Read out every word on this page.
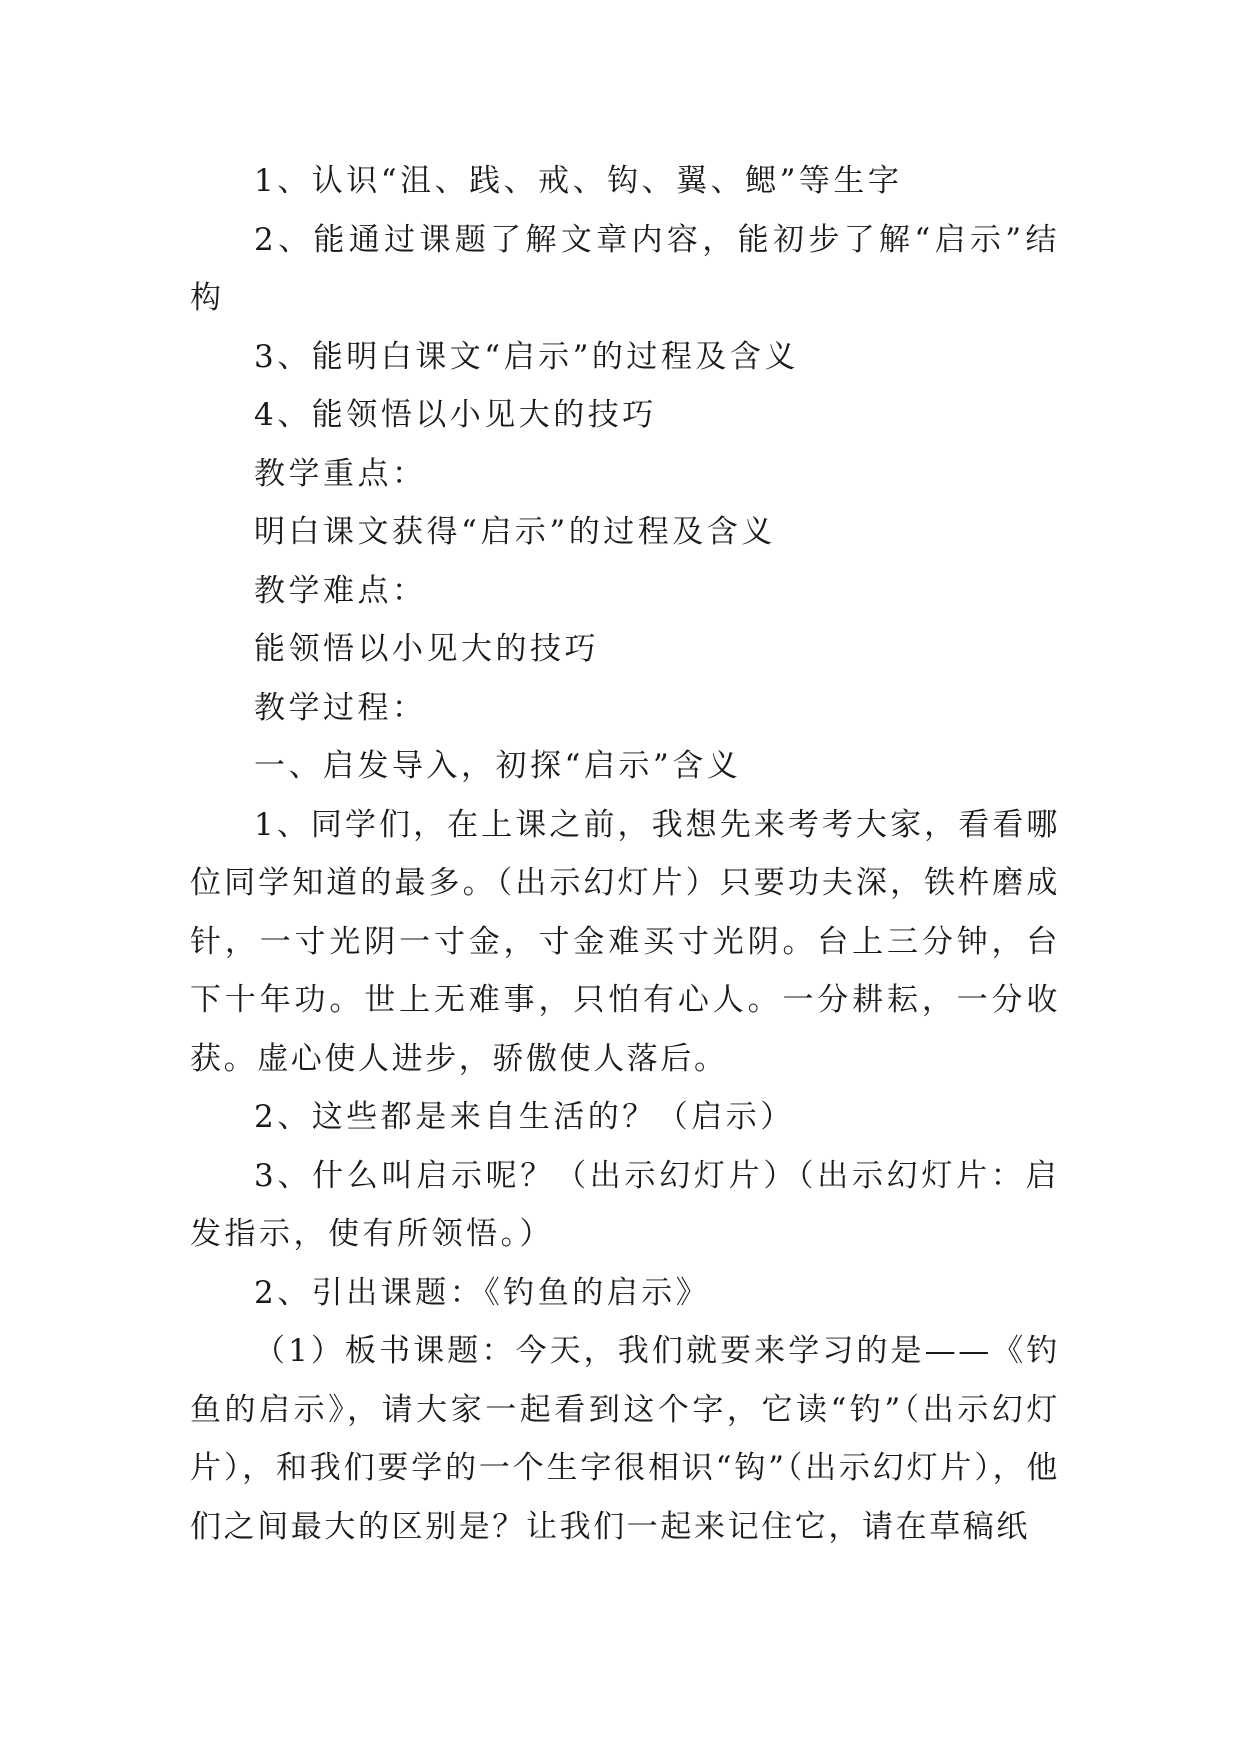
1、认识“沮、践、戒、钩、翼、鳃”等生字

2、能通过课题了解文章内容，能初步了解“启示”结构

3、能明白课文“启示”的过程及含义

4、能领悟以小见大的技巧

教学重点：

明白课文获得“启示”的过程及含义

教学难点：

能领悟以小见大的技巧

教学过程：

一、启发导入，初探“启示”含义

1、同学们，在上课之前，我想先来考考大家，看看哪位同学知道的最多。（出示幻灯片）只要功夫深，铁杵磨成针，一寸光阴一寸金，寸金难买寸光阴。台上三分钟，台下十年功。世上无难事，只怕有心人。一分耕耘，一分收获。虚心使人进步，骄傲使人落后。

2、这些都是来自生活的？（启示）

3、什么叫启示呢？（出示幻灯片）（出示幻灯片：启发指示，使有所领悟。）

2、引出课题：《钓鱼的启示》

（1）板书课题：今天，我们就要来学习的是——《钓鱼的启示》，请大家一起看到这个字，它读“钓”（出示幻灯片），和我们要学的一个生字很相识“钩”（出示幻灯片），他们之间最大的区别是？让我们一起来记住它，请在草稿纸
